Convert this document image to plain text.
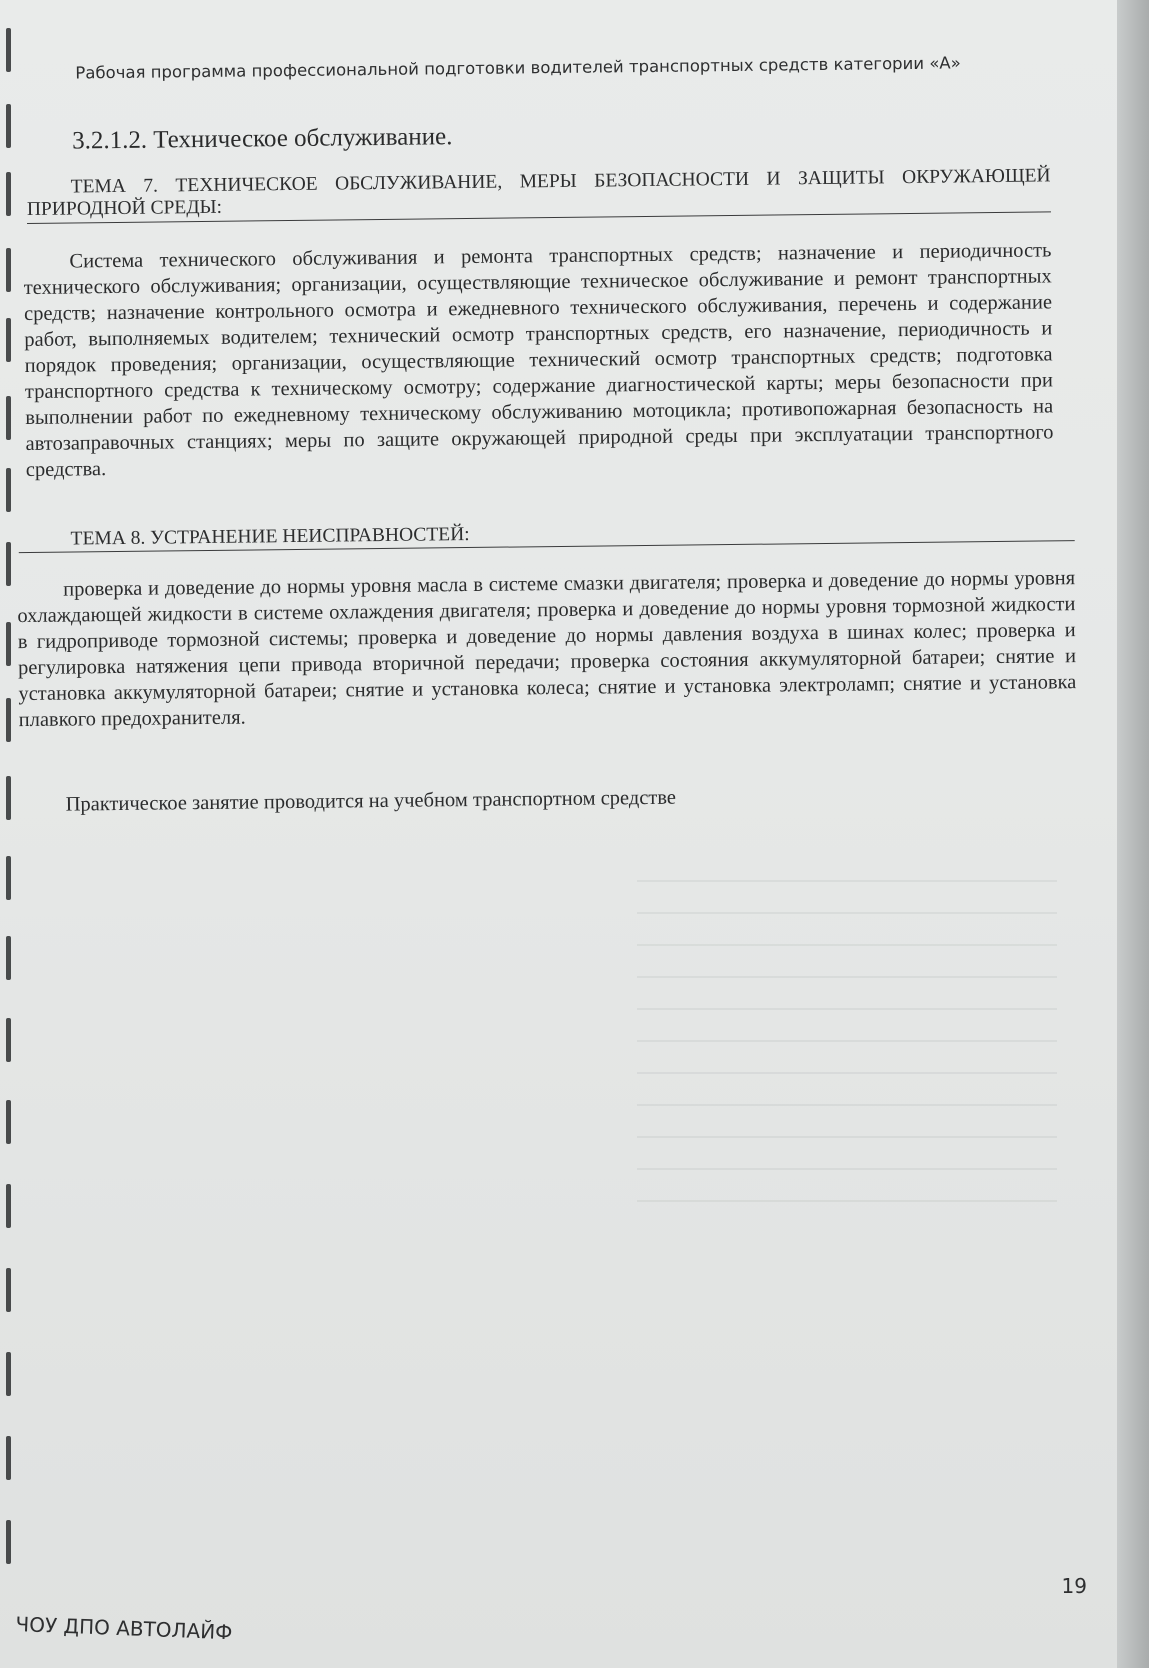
Рабочая программа профессиональной подготовки водителей транспортных средств категории «А»
3.2.1.2. Техническое обслуживание.
ТЕМА 7. ТЕХНИЧЕСКОЕ ОБСЛУЖИВАНИЕ, МЕРЫ БЕЗОПАСНОСТИ И ЗАЩИТЫ ОКРУЖАЮЩЕЙ
ПРИРОДНОЙ СРЕДЫ:

Система технического обслуживания и ремонта транспортных средств; назначение и периодичность технического обслуживания; организации, осуществляющие техническое обслуживание и ремонт транспортных средств; назначение контрольного осмотра и ежедневного технического обслуживания, перечень и содержание работ, выполняемых водителем; технический осмотр транспортных средств, его назначение, периодичность и порядок проведения; организации, осуществляющие технический осмотр транспортных средств; подготовка транспортного средства к техническому осмотру; содержание диагностической карты; меры безопасности при выполнении работ по ежедневному техническому обслуживанию мотоцикла; противопожарная безопасность на автозаправочных станциях; меры по защите окружающей природной среды при эксплуатации транспортного средства.

ТЕМА 8. УСТРАНЕНИЕ НЕИСПРАВНОСТЕЙ:

проверка и доведение до нормы уровня масла в системе смазки двигателя; проверка и доведение до нормы уровня охлаждающей жидкости в системе охлаждения двигателя; проверка и доведение до нормы уровня тормозной жидкости в гидроприводе тормозной системы; проверка и доведение до нормы давления воздуха в шинах колес; проверка и регулировка натяжения цепи привода вторичной передачи; проверка состояния аккумуляторной батареи; снятие и установка аккумуляторной батареи; снятие и установка колеса; снятие и установка электроламп; снятие и установка плавкого предохранителя.

Практическое занятие проводится на учебном транспортном средстве

19
ЧОУ ДПО АВТОЛАЙФ
